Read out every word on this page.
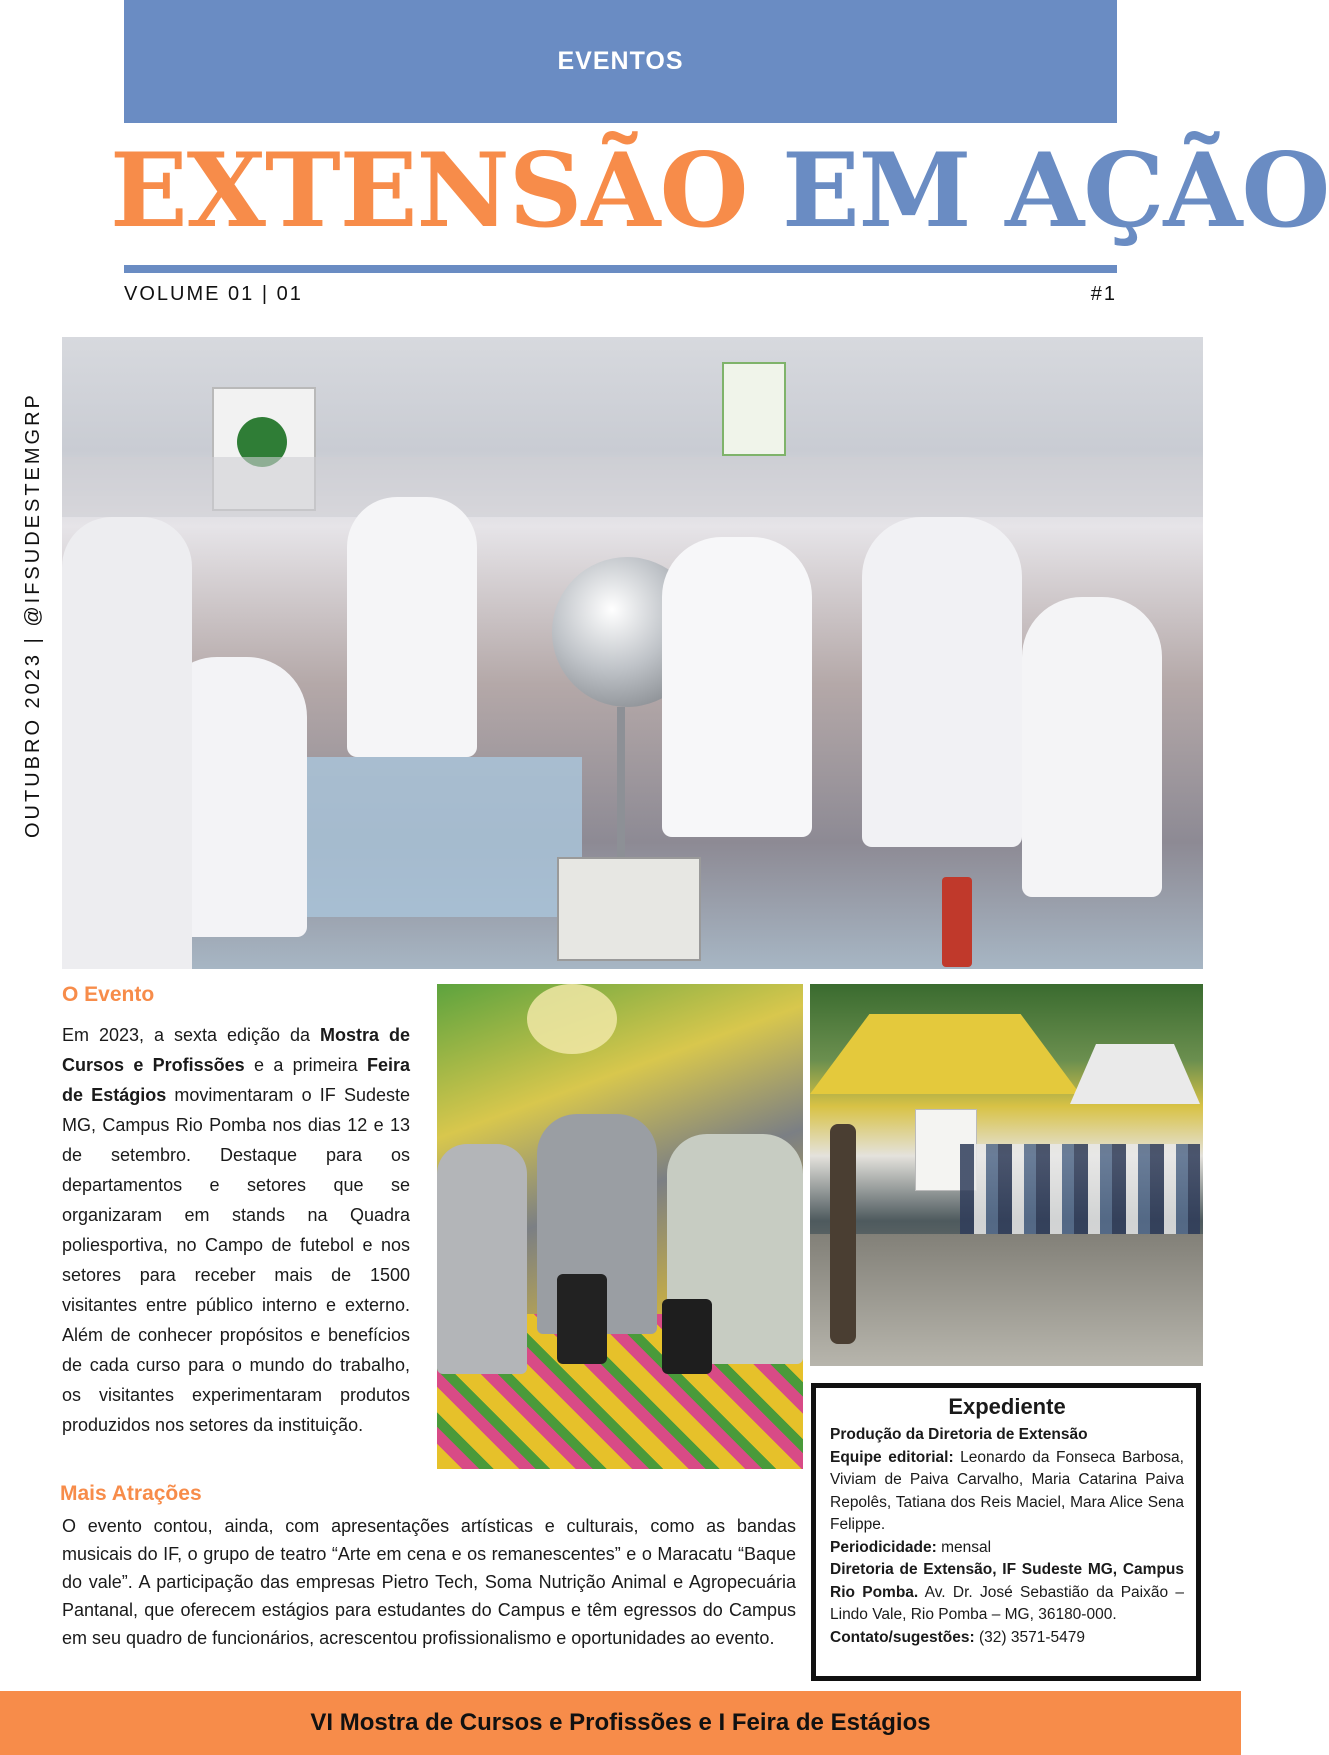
EVENTOS
EXTENSÃO EM AÇÃO
VOLUME 01 | 01	#1
OUTUBRO 2023 | @IFSUDESTEMGRP
O Evento
Em 2023, a sexta edição da Mostra de Cursos e Profissões e a primeira Feira de Estágios movimentaram o IF Sudeste MG, Campus Rio Pomba nos dias 12 e 13 de setembro. Destaque para os departamentos e setores que se organizaram em stands na Quadra poliesportiva, no Campo de futebol e nos setores para receber mais de 1500 visitantes entre público interno e externo. Além de conhecer propósitos e benefícios de cada curso para o mundo do trabalho, os visitantes experimentaram produtos produzidos nos setores da instituição.
Mais Atrações
O evento contou, ainda, com apresentações artísticas e culturais, como as bandas musicais do IF, o grupo de teatro “Arte em cena e os remanescentes” e o Maracatu “Baque do vale”. A participação das empresas Pietro Tech, Soma Nutrição Animal e Agropecuária Pantanal, que oferecem estágios para estudantes do Campus e têm egressos do Campus em seu quadro de funcionários, acrescentou profissionalismo e oportunidades ao evento.
Expediente

Produção da Diretoria de Extensão

Equipe editorial: Leonardo da Fonseca Barbosa, Viviam de Paiva Carvalho, Maria Catarina Paiva Repolês, Tatiana dos Reis Maciel, Mara Alice Sena Felippe.

Periodicidade: mensal

Diretoria de Extensão, IF Sudeste MG, Campus Rio Pomba. Av. Dr. José Sebastião da Paixão – Lindo Vale, Rio Pomba – MG, 36180-000.

Contato/sugestões: (32) 3571-5479

VI Mostra de Cursos e Profissões e I Feira de Estágios
